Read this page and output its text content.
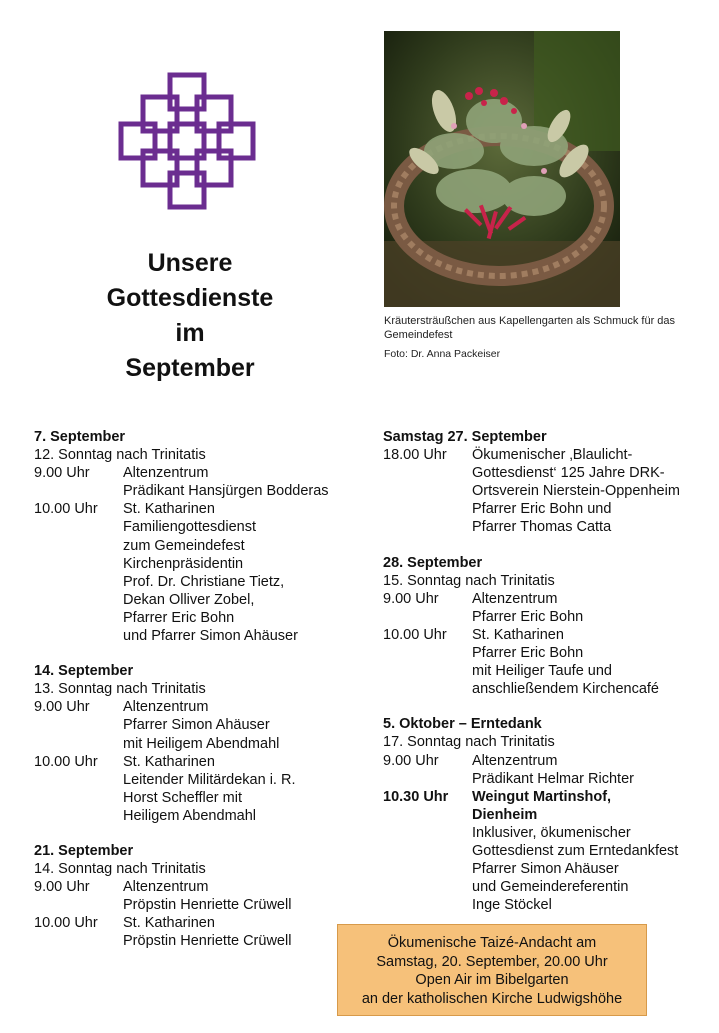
Unsere
Gottesdienste
im
September
Kräutersträußchen aus Kapellengarten als Schmuck für das Gemeindefest
Foto: Dr. Anna Packeiser
7. September
12. Sonntag nach Trinitatis
9.00 Uhr	Altenzentrum
Prädikant Hansjürgen Bodderas
10.00 Uhr	St. Katharinen
Familiengottesdienst
zum Gemeindefest
Kirchenpräsidentin
Prof. Dr. Christiane Tietz,
Dekan Olliver Zobel,
Pfarrer Eric Bohn
und Pfarrer Simon Ahäuser
14. September
13. Sonntag nach Trinitatis
9.00 Uhr	Altenzentrum
Pfarrer Simon Ahäuser
mit Heiligem Abendmahl
10.00 Uhr	St. Katharinen
Leitender Militärdekan i. R.
Horst Scheffler mit
Heiligem Abendmahl
21. September
14. Sonntag nach Trinitatis
9.00 Uhr	Altenzentrum
Pröpstin Henriette Crüwell
10.00 Uhr	St. Katharinen
Pröpstin Henriette Crüwell
Samstag 27. September
18.00 Uhr	Ökumenischer ‚Blaulicht-
Gottesdienst‘ 125 Jahre DRK-
Ortsverein Nierstein-Oppenheim
Pfarrer Eric Bohn und
Pfarrer Thomas Catta
28. September
15. Sonntag nach Trinitatis
9.00 Uhr	Altenzentrum
Pfarrer Eric Bohn
10.00 Uhr	St. Katharinen
Pfarrer Eric Bohn
mit Heiliger Taufe und
anschließendem Kirchencafé
5. Oktober – Erntedank
17. Sonntag nach Trinitatis
9.00 Uhr	Altenzentrum
Prädikant Helmar Richter
10.30 Uhr	Weingut Martinshof,
Dienheim
Inklusiver, ökumenischer
Gottesdienst zum Erntedankfest
Pfarrer Simon Ahäuser
und Gemeindereferentin
Inge Stöckel
Ökumenische Taizé-Andacht am
Samstag, 20. September, 20.00 Uhr
Open Air im Bibelgarten
an der katholischen Kirche Ludwigshöhe
